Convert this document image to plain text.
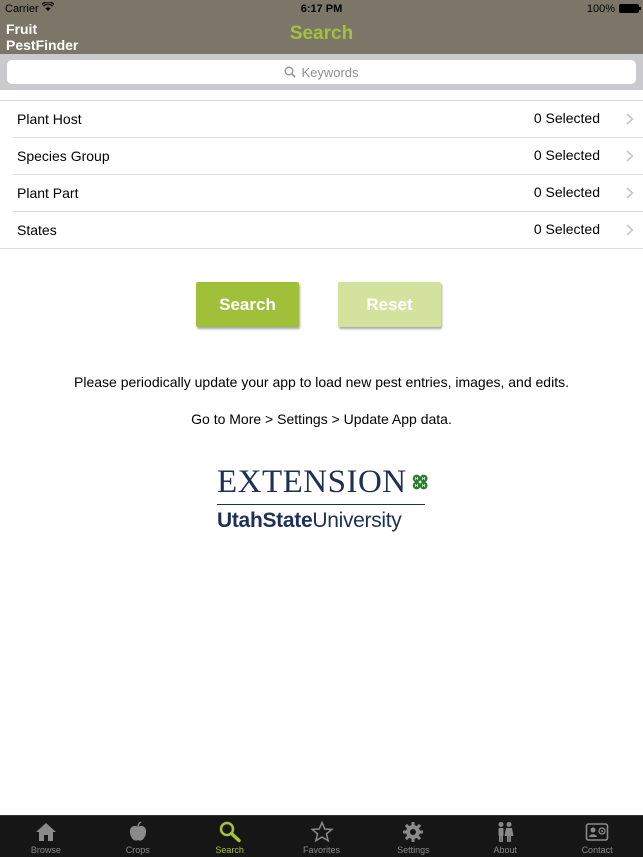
Carrier	6:17 PM	100%
Fruit
PestFinder
Search
Keywords
Plant Host	0 Selected
Species Group	0 Selected
Plant Part	0 Selected
States	0 Selected
Search	Reset
Please periodically update your app to load new pest entries, images, and edits.
Go to More > Settings > Update App data.
EXTENSION H H
H H
UtahStateUniversity
Browse	Crops	Search	Favorites	Settings	About	Contact
